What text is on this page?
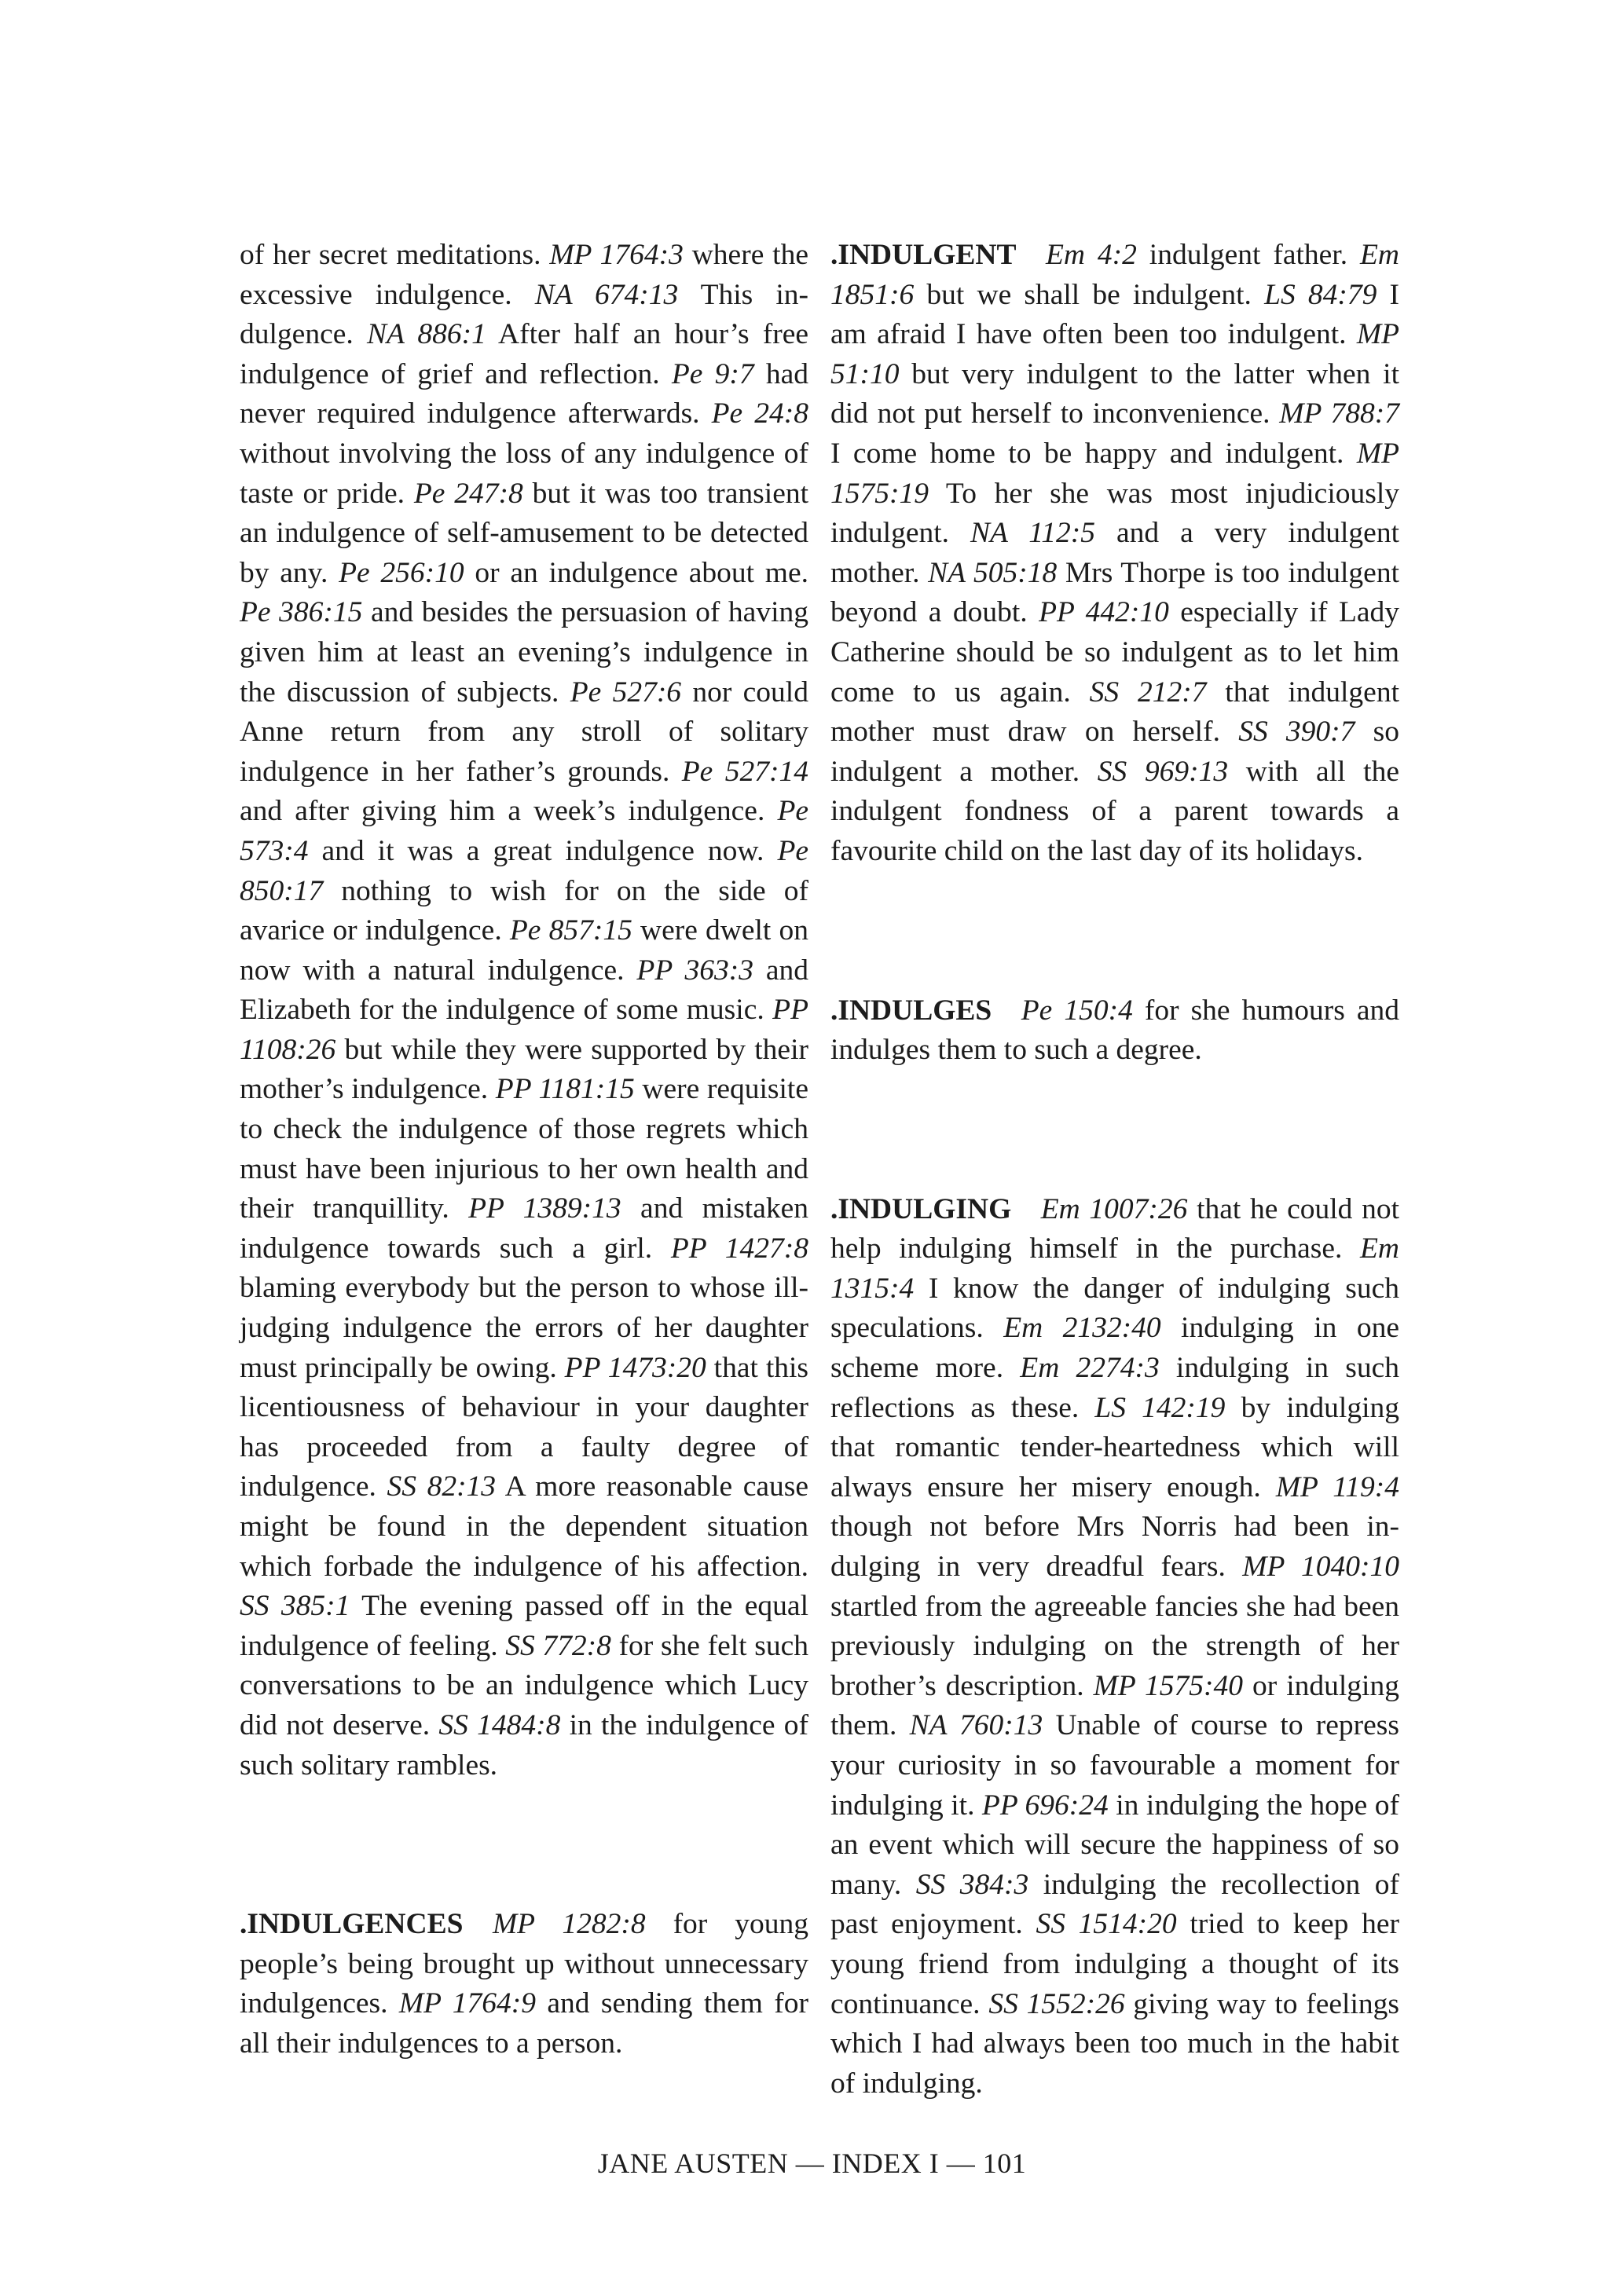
of her secret meditations. MP 1764:3 where the excessive indulgence. NA 674:13 This indulgence. NA 886:1 After half an hour’s free indulgence of grief and reflection. Pe 9:7 had never required indulgence afterwards. Pe 24:8 without involving the loss of any indulgence of taste or pride. Pe 247:8 but it was too transient an indulgence of self-amusement to be detected by any. Pe 256:10 or an indulgence about me. Pe 386:15 and besides the persuasion of having given him at least an evening’s indulgence in the discussion of subjects. Pe 527:6 nor could Anne return from any stroll of solitary indulgence in her father’s grounds. Pe 527:14 and after giving him a week’s indulgence. Pe 573:4 and it was a great indulgence now. Pe 850:17 nothing to wish for on the side of avarice or indulgence. Pe 857:15 were dwelt on now with a natural indulgence. PP 363:3 and Elizabeth for the indulgence of some music. PP 1108:26 but while they were supported by their mother’s indulgence. PP 1181:15 were requisite to check the indulgence of those regrets which must have been injurious to her own health and their tranquillity. PP 1389:13 and mistaken indulgence towards such a girl. PP 1427:8 blaming everybody but the person to whose ill-judging indulgence the errors of her daughter must principally be owing. PP 1473:20 that this licentiousness of behaviour in your daughter has proceeded from a faulty degree of indulgence. SS 82:13 A more reasonable cause might be found in the dependent situation which forbade the indulgence of his affection. SS 385:1 The evening passed off in the equal indulgence of feeling. SS 772:8 for she felt such conversations to be an indulgence which Lucy did not deserve. SS 1484:8 in the indulgence of such solitary rambles.

.INDULGENCES  MP 1282:8 for young people’s being brought up without unnecessary indulgences. MP 1764:9 and sending them for all their indulgences to a person.

.INDULGENT  Em 4:2 indulgent father. Em 1851:6 but we shall be indulgent. LS 84:79 I am afraid I have often been too indulgent. MP 51:10 but very indulgent to the latter when it did not put herself to inconvenience. MP 788:7 I come home to be happy and indulgent. MP 1575:19 To her she was most injudiciously indulgent. NA 112:5 and a very indulgent mother. NA 505:18 Mrs Thorpe is too indulgent beyond a doubt. PP 442:10 especially if Lady Catherine should be so indulgent as to let him come to us again. SS 212:7 that indulgent mother must draw on herself. SS 390:7 so indulgent a mother. SS 969:13 with all the indulgent fondness of a parent towards a favourite child on the last day of its holidays.

.INDULGES  Pe 150:4 for she humours and indulges them to such a degree.

.INDULGING  Em 1007:26 that he could not help indulging himself in the purchase. Em 1315:4 I know the danger of indulging such speculations. Em 2132:40 indulging in one scheme more. Em 2274:3 indulging in such reflections as these. LS 142:19 by indulging that romantic tender-heartedness which will always ensure her misery enough. MP 119:4 though not before Mrs Norris had been indulging in very dreadful fears. MP 1040:10 startled from the agreeable fancies she had been previously indulging on the strength of her brother’s description. MP 1575:40 or indulging them. NA 760:13 Unable of course to repress your curiosity in so favourable a moment for indulging it. PP 696:24 in indulging the hope of an event which will secure the happiness of so many. SS 384:3 indulging the recollection of past enjoyment. SS 1514:20 tried to keep her young friend from indulging a thought of its continuance. SS 1552:26 giving way to feelings which I had always been too much in the habit of indulging.

JANE AUSTEN — INDEX I — 101
